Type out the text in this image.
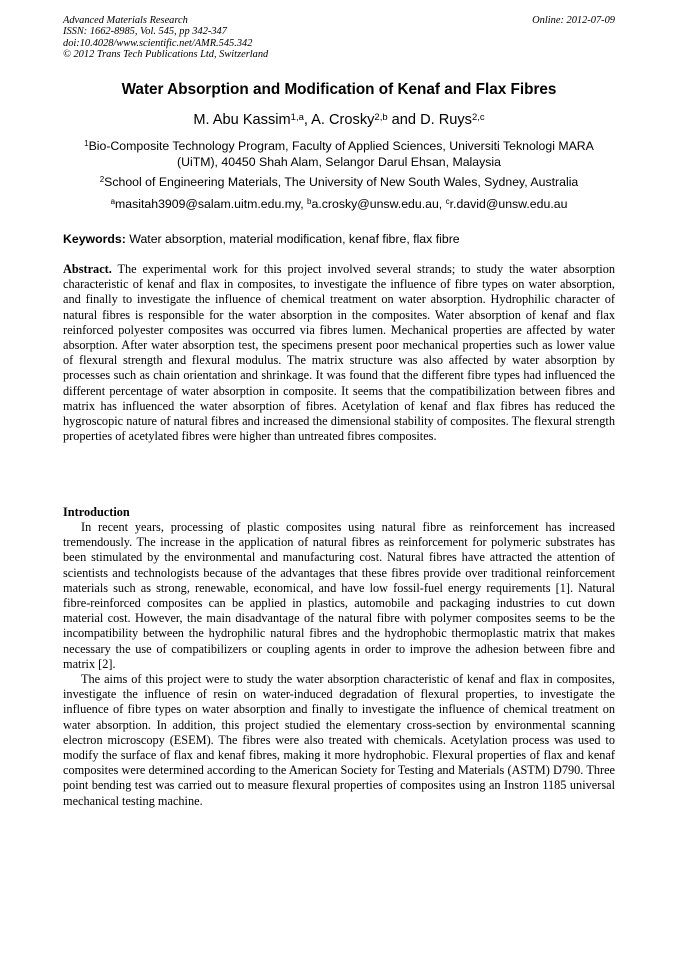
Advanced Materials Research
ISSN: 1662-8985, Vol. 545, pp 342-347
doi:10.4028/www.scientific.net/AMR.545.342
© 2012 Trans Tech Publications Ltd, Switzerland
Online: 2012-07-09
Water Absorption and Modification of Kenaf and Flax Fibres
M. Abu Kassim$^{1,a}$, A. Crosky$^{2,b}$ and D. Ruys$^{2,c}$
$^1$Bio-Composite Technology Program, Faculty of Applied Sciences, Universiti Teknologi MARA
(UiTM), 40450 Shah Alam, Selangor Darul Ehsan, Malaysia
$^2$School of Engineering Materials, The University of New South Wales, Sydney, Australia
$^a$masitah3909@salam.uitm.edu.my, $^b$a.crosky@unsw.edu.au, $^c$r.david@unsw.edu.au
Keywords: Water absorption, material modification, kenaf fibre, flax fibre
Abstract. The experimental work for this project involved several strands; to study the water absorption characteristic of kenaf and flax in composites, to investigate the influence of fibre types on water absorption, and finally to investigate the influence of chemical treatment on water absorption. Hydrophilic character of natural fibres is responsible for the water absorption in the composites. Water absorption of kenaf and flax reinforced polyester composites was occurred via fibres lumen. Mechanical properties are affected by water absorption. After water absorption test, the specimens present poor mechanical properties such as lower value of flexural strength and flexural modulus. The matrix structure was also affected by water absorption by processes such as chain orientation and shrinkage. It was found that the different fibre types had influenced the different percentage of water absorption in composite. It seems that the compatibilization between fibres and matrix has influenced the water absorption of fibres. Acetylation of kenaf and flax fibres has reduced the hygroscopic nature of natural fibres and increased the dimensional stability of composites. The flexural strength properties of acetylated fibres were higher than untreated fibres composites.
Introduction

In recent years, processing of plastic composites using natural fibre as reinforcement has increased tremendously. The increase in the application of natural fibres as reinforcement for polymeric substrates has been stimulated by the environmental and manufacturing cost. Natural fibres have attracted the attention of scientists and technologists because of the advantages that these fibres provide over traditional reinforcement materials such as strong, renewable, economical, and have low fossil-fuel energy requirements [1]. Natural fibre-reinforced composites can be applied in plastics, automobile and packaging industries to cut down material cost. However, the main disadvantage of the natural fibre with polymer composites seems to be the incompatibility between the hydrophilic natural fibres and the hydrophobic thermoplastic matrix that makes necessary the use of compatibilizers or coupling agents in order to improve the adhesion between fibre and matrix [2].

The aims of this project were to study the water absorption characteristic of kenaf and flax in composites, investigate the influence of resin on water-induced degradation of flexural properties, to investigate the influence of fibre types on water absorption and finally to investigate the influence of chemical treatment on water absorption. In addition, this project studied the elementary cross-section by environmental scanning electron microscopy (ESEM). The fibres were also treated with chemicals. Acetylation process was used to modify the surface of flax and kenaf fibres, making it more hydrophobic. Flexural properties of flax and kenaf composites were determined according to the American Society for Testing and Materials (ASTM) D790. Three point bending test was carried out to measure flexural properties of composites using an Instron 1185 universal mechanical testing machine.
